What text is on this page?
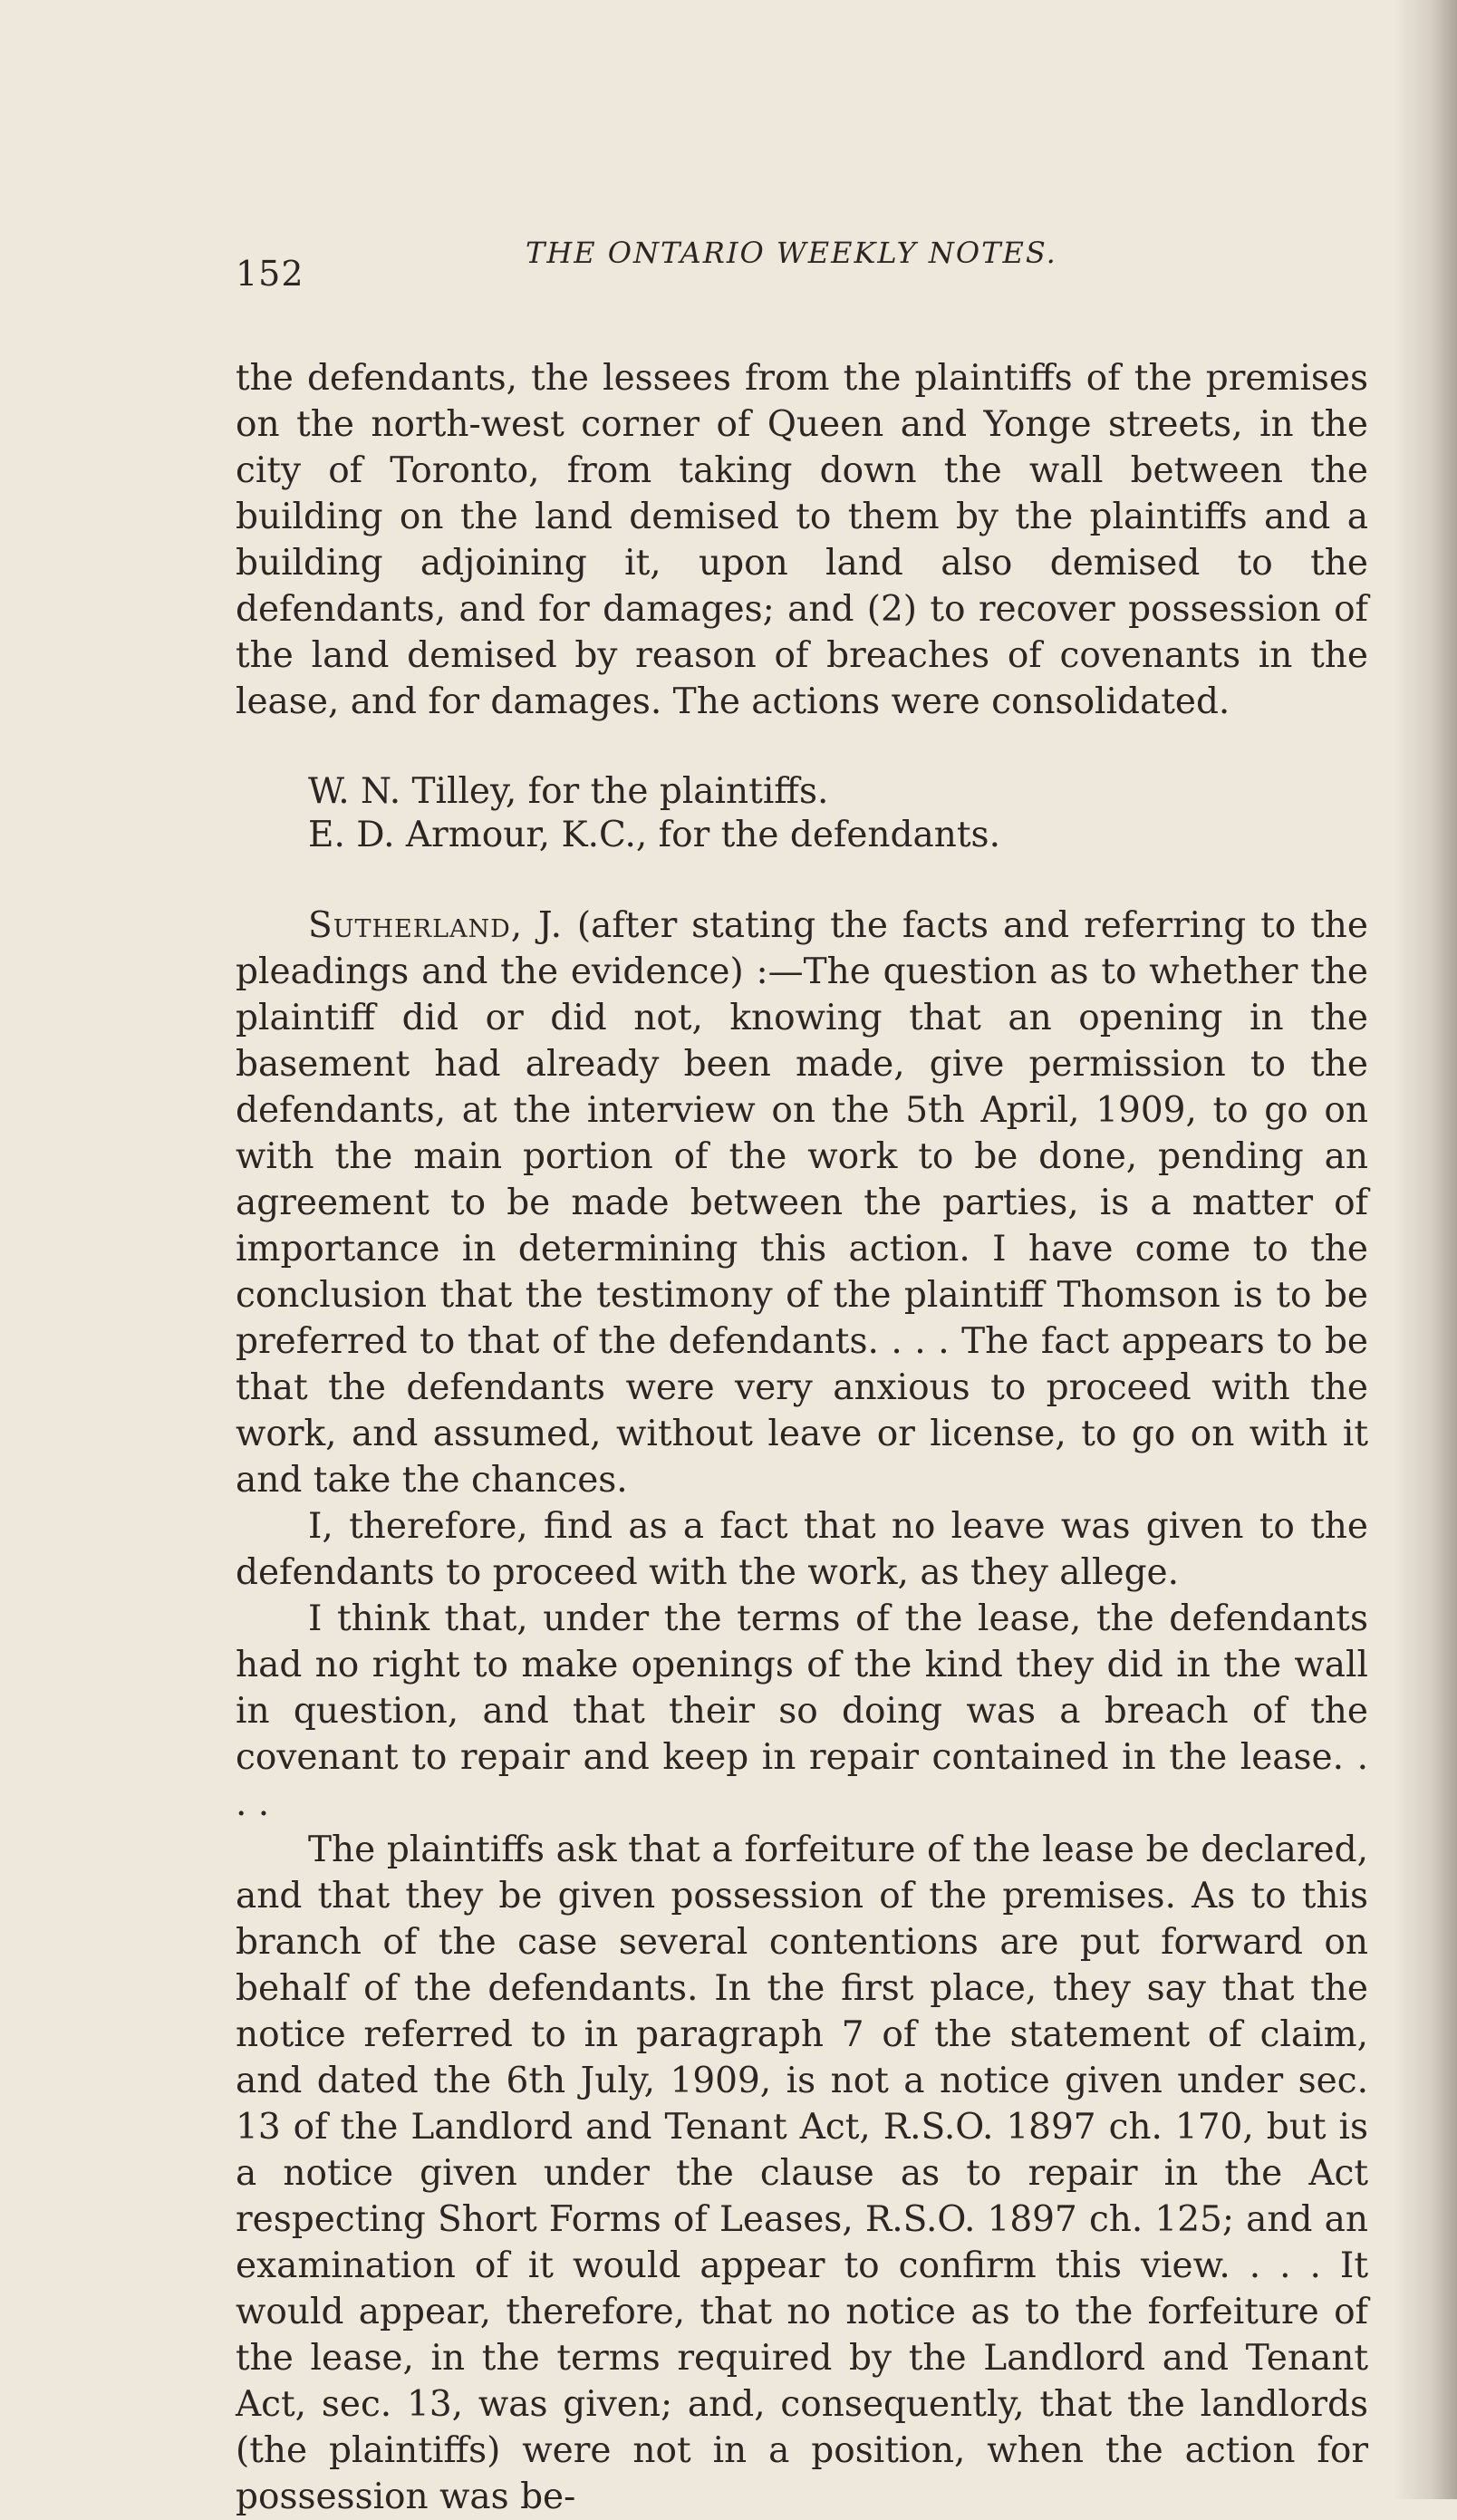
152
THE ONTARIO WEEKLY NOTES.

the defendants, the lessees from the plaintiffs of the premises on the north-west corner of Queen and Yonge streets, in the city of Toronto, from taking down the wall between the building on the land demised to them by the plaintiffs and a building adjoining it, upon land also demised to the defendants, and for damages; and (2) to recover possession of the land demised by reason of breaches of covenants in the lease, and for damages. The actions were consolidated.

W. N. Tilley, for the plaintiffs.
E. D. Armour, K.C., for the defendants.

Sutherland, J. (after stating the facts and referring to the pleadings and the evidence) :—The question as to whether the plaintiff did or did not, knowing that an opening in the basement had already been made, give permission to the defendants, at the interview on the 5th April, 1909, to go on with the main portion of the work to be done, pending an agreement to be made between the parties, is a matter of importance in determining this action. I have come to the conclusion that the testimony of the plaintiff Thomson is to be preferred to that of the defendants. . . . The fact appears to be that the defendants were very anxious to proceed with the work, and assumed, without leave or license, to go on with it and take the chances.

I, therefore, find as a fact that no leave was given to the defendants to proceed with the work, as they allege.

I think that, under the terms of the lease, the defendants had no right to make openings of the kind they did in the wall in question, and that their so doing was a breach of the covenant to repair and keep in repair contained in the lease. . . .

The plaintiffs ask that a forfeiture of the lease be declared, and that they be given possession of the premises. As to this branch of the case several contentions are put forward on behalf of the defendants. In the first place, they say that the notice referred to in paragraph 7 of the statement of claim, and dated the 6th July, 1909, is not a notice given under sec. 13 of the Landlord and Tenant Act, R.S.O. 1897 ch. 170, but is a notice given under the clause as to repair in the Act respecting Short Forms of Leases, R.S.O. 1897 ch. 125; and an examination of it would appear to confirm this view. . . . It would appear, therefore, that no notice as to the forfeiture of the lease, in the terms required by the Landlord and Tenant Act, sec. 13, was given; and, consequently, that the landlords (the plaintiffs) were not in a position, when the action for possession was be-
